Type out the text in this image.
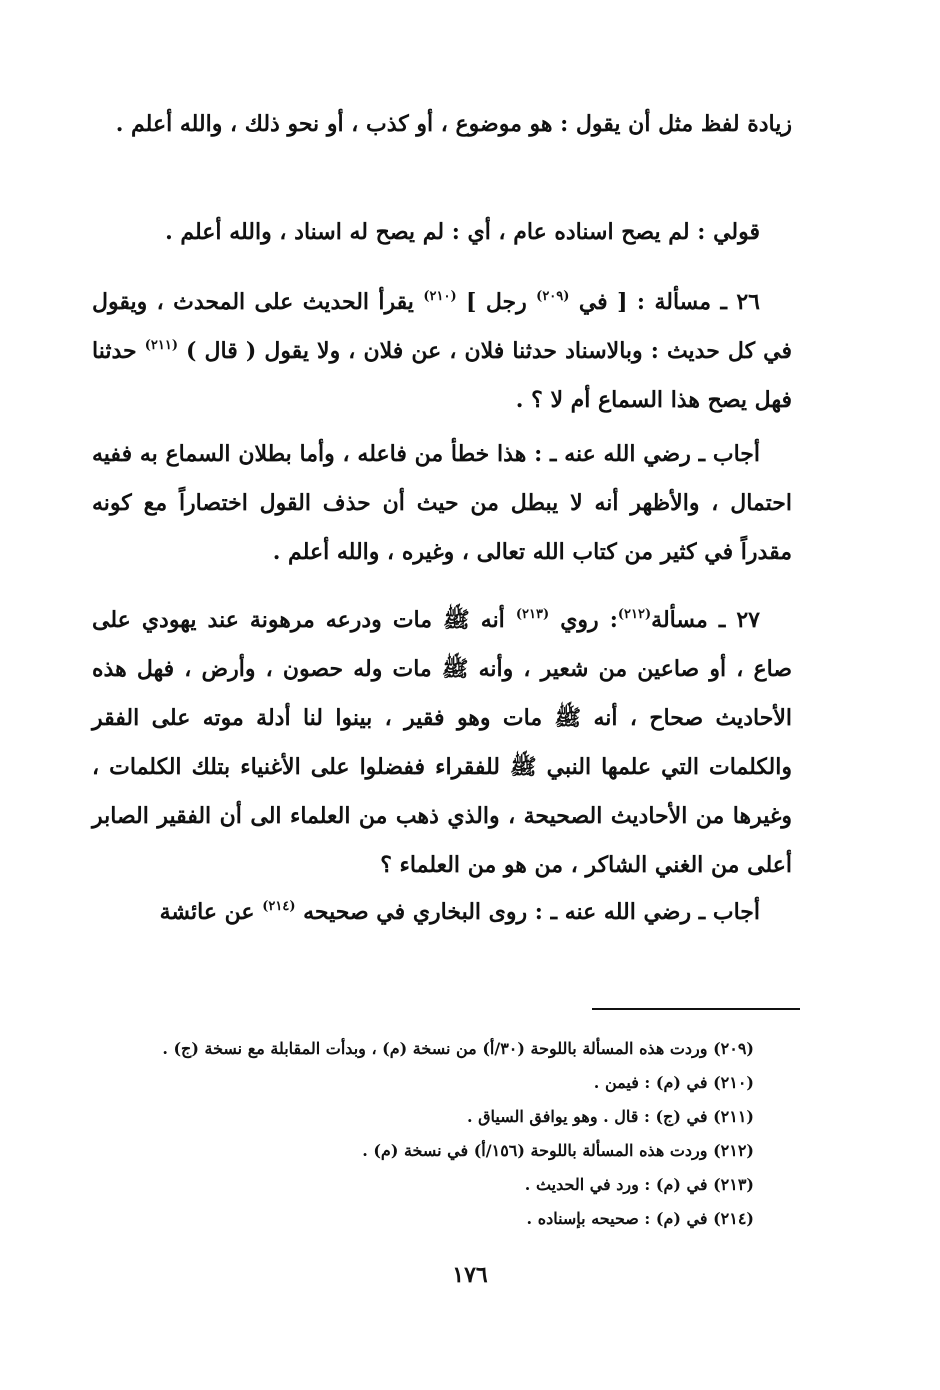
زيادة لفظ مثل أن يقول : هو موضوع ، أو كذب ، أو نحو ذلك ، والله أعلم .

قولي : لم يصح اسناده عام ، أي : لم يصح له اسناد ، والله أعلم .

٢٦ ـ مسألة : [ في $^{(٢٠٩)}$ رجل ] $^{(٢١٠)}$ يقرأ الحديث على المحدث ، ويقول في كل حديث : وبالاسناد حدثنا فلان ، عن فلان ، ولا يقول ( قال ) $^{(٢١١)}$ حدثنا فهل يصح هذا السماع أم لا ؟ .

أجاب ـ رضي الله عنه ـ : هذا خطأ من فاعله ، وأما بطلان السماع به ففيه احتمال ، والأظهر أنه لا يبطل من حيث أن حذف القول اختصاراً مع كونه مقدراً في كثير من كتاب الله تعالى ، وغيره ، والله أعلم .

٢٧ ـ مسألة$^{(٢١٢)}$: روي $^{(٢١٣)}$ أنه ﷺ مات ودرعه مرهونة عند يهودي على صاع ، أو صاعين من شعير ، وأنه ﷺ مات وله حصون ، وأرض ، فهل هذه الأحاديث صحاح ، أنه ﷺ مات وهو فقير ، بينوا لنا أدلة موته على الفقر والكلمات التي علمها النبي ﷺ للفقراء ففضلوا على الأغنياء بتلك الكلمات ، وغيرها من الأحاديث الصحيحة ، والذي ذهب من العلماء الى أن الفقير الصابر أعلى من الغني الشاكر ، من هو من العلماء ؟

أجاب ـ رضي الله عنه ـ : روى البخاري في صحيحه $^{(٢١٤)}$ عن عائشة

(٢٠٩) وردت هذه المسألة باللوحة (٣٠/أ) من نسخة (م) ، وبدأت المقابلة مع نسخة (ج) .
(٢١٠) في (م) : فيمن .
(٢١١) في (ج) : قال . وهو يوافق السياق .
(٢١٢) وردت هذه المسألة باللوحة (١٥٦/أ) في نسخة (م) .
(٢١٣) في (م) : ورد في الحديث .
(٢١٤) في (م) : صحيحه بإسناده .
١٧٦
